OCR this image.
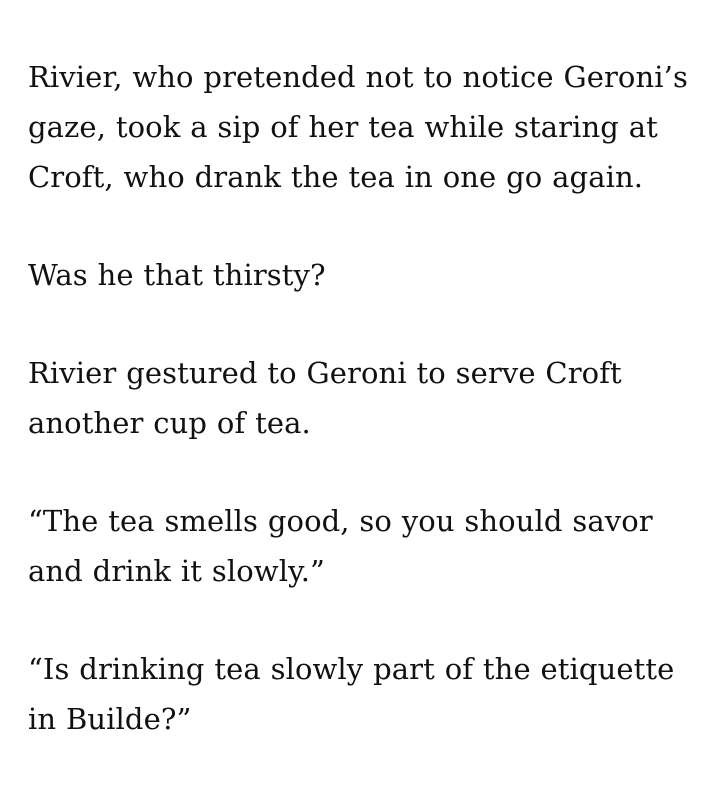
Rivier, who pretended not to notice Geroni’s gaze, took a sip of her tea while staring at Croft, who drank the tea in one go again.

Was he that thirsty?

Rivier gestured to Geroni to serve Croft another cup of tea.

“The tea smells good, so you should savor and drink it slowly.”

“Is drinking tea slowly part of the etiquette in Builde?”
